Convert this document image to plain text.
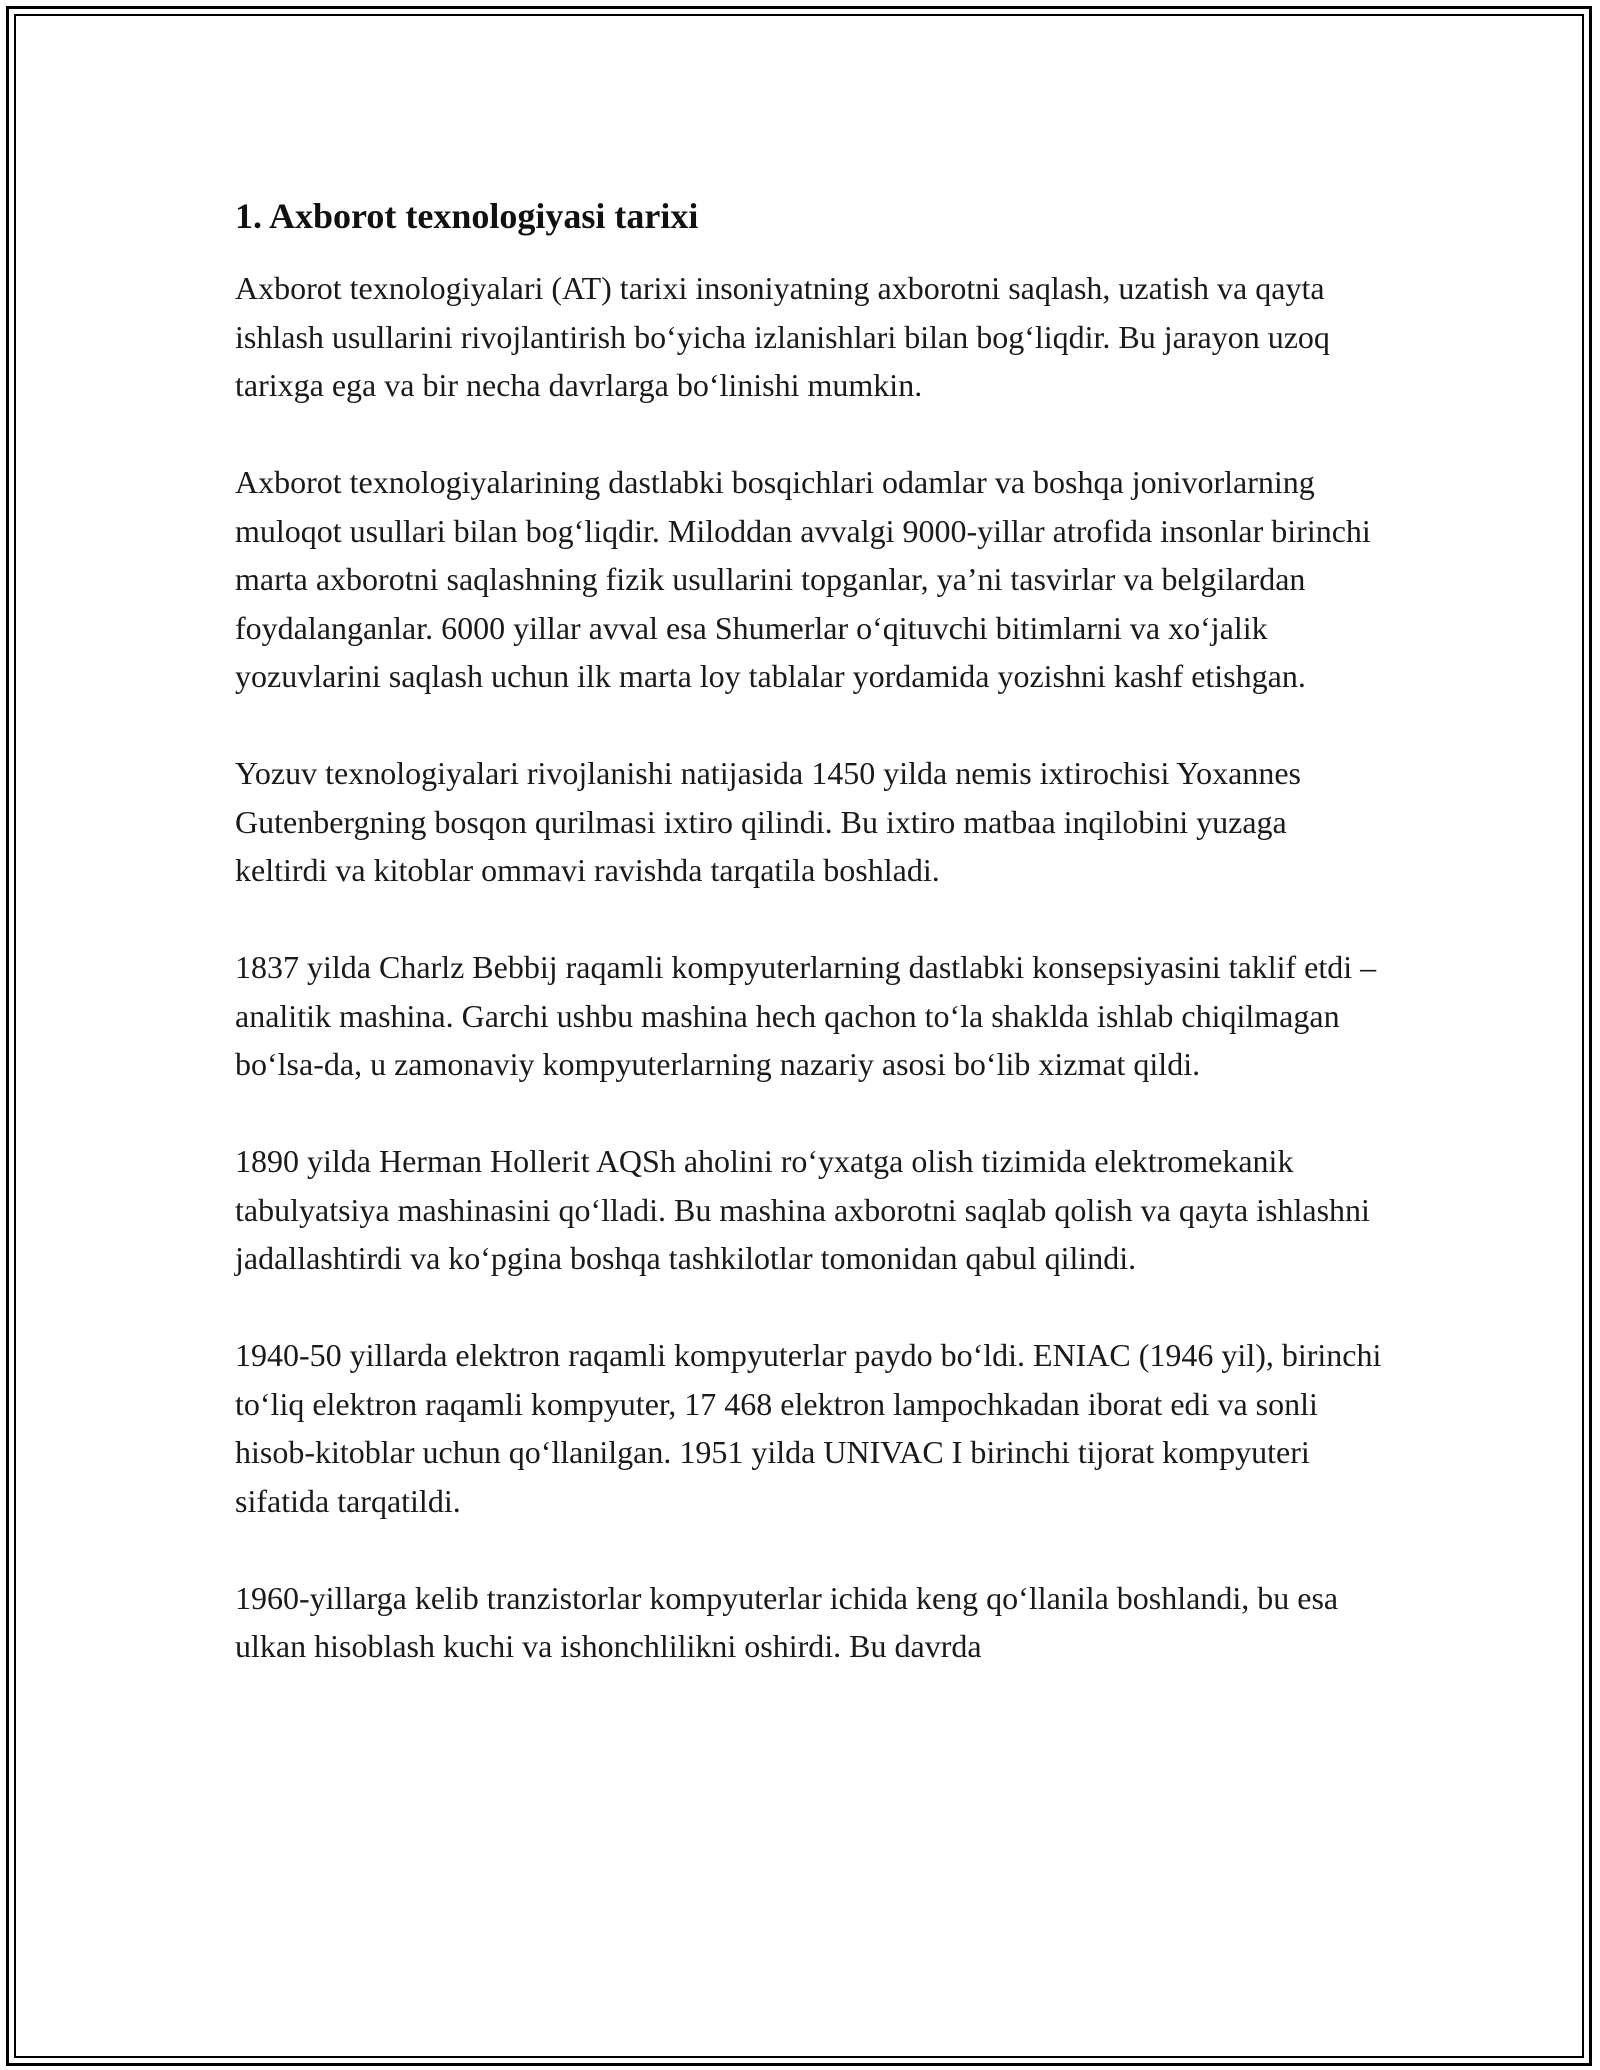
1. Axborot texnologiyasi tarixi

Axborot texnologiyalari (AT) tarixi insoniyatning axborotni saqlash, uzatish va qayta ishlash usullarini rivojlantirish bo‘yicha izlanishlari bilan bog‘liqdir. Bu jarayon uzoq tarixga ega va bir necha davrlarga bo‘linishi mumkin.

Axborot texnologiyalarining dastlabki bosqichlari odamlar va boshqa jonivorlarning muloqot usullari bilan bog‘liqdir. Miloddan avvalgi 9000-yillar atrofida insonlar birinchi marta axborotni saqlashning fizik usullarini topganlar, ya’ni tasvirlar va belgilardan foydalanganlar. 6000 yillar avval esa Shumerlar o‘qituvchi bitimlarni va xo‘jalik yozuvlarini saqlash uchun ilk marta loy tablalar yordamida yozishni kashf etishgan.

Yozuv texnologiyalari rivojlanishi natijasida 1450 yilda nemis ixtirochisi Yoxannes Gutenbergning bosqon qurilmasi ixtiro qilindi. Bu ixtiro matbaa inqilobini yuzaga keltirdi va kitoblar ommavi ravishda tarqatila boshladi.

1837 yilda Charlz Bebbij raqamli kompyuterlarning dastlabki konsepsiyasini taklif etdi – analitik mashina. Garchi ushbu mashina hech qachon to‘la shaklda ishlab chiqilmagan bo‘lsa-da, u zamonaviy kompyuterlarning nazariy asosi bo‘lib xizmat qildi.

1890 yilda Herman Hollerit AQSh aholini ro‘yxatga olish tizimida elektromekanik tabulyatsiya mashinasini qo‘lladi. Bu mashina axborotni saqlab qolish va qayta ishlashni jadallashtirdi va ko‘pgina boshqa tashkilotlar tomonidan qabul qilindi.

1940-50 yillarda elektron raqamli kompyuterlar paydo bo‘ldi. ENIAC (1946 yil), birinchi to‘liq elektron raqamli kompyuter, 17 468 elektron lampochkadan iborat edi va sonli hisob-kitoblar uchun qo‘llanilgan. 1951 yilda UNIVAC I birinchi tijorat kompyuteri sifatida tarqatildi.

1960-yillarga kelib tranzistorlar kompyuterlar ichida keng qo‘llanila boshlandi, bu esa ulkan hisoblash kuchi va ishonchlilikni oshirdi. Bu davrda
